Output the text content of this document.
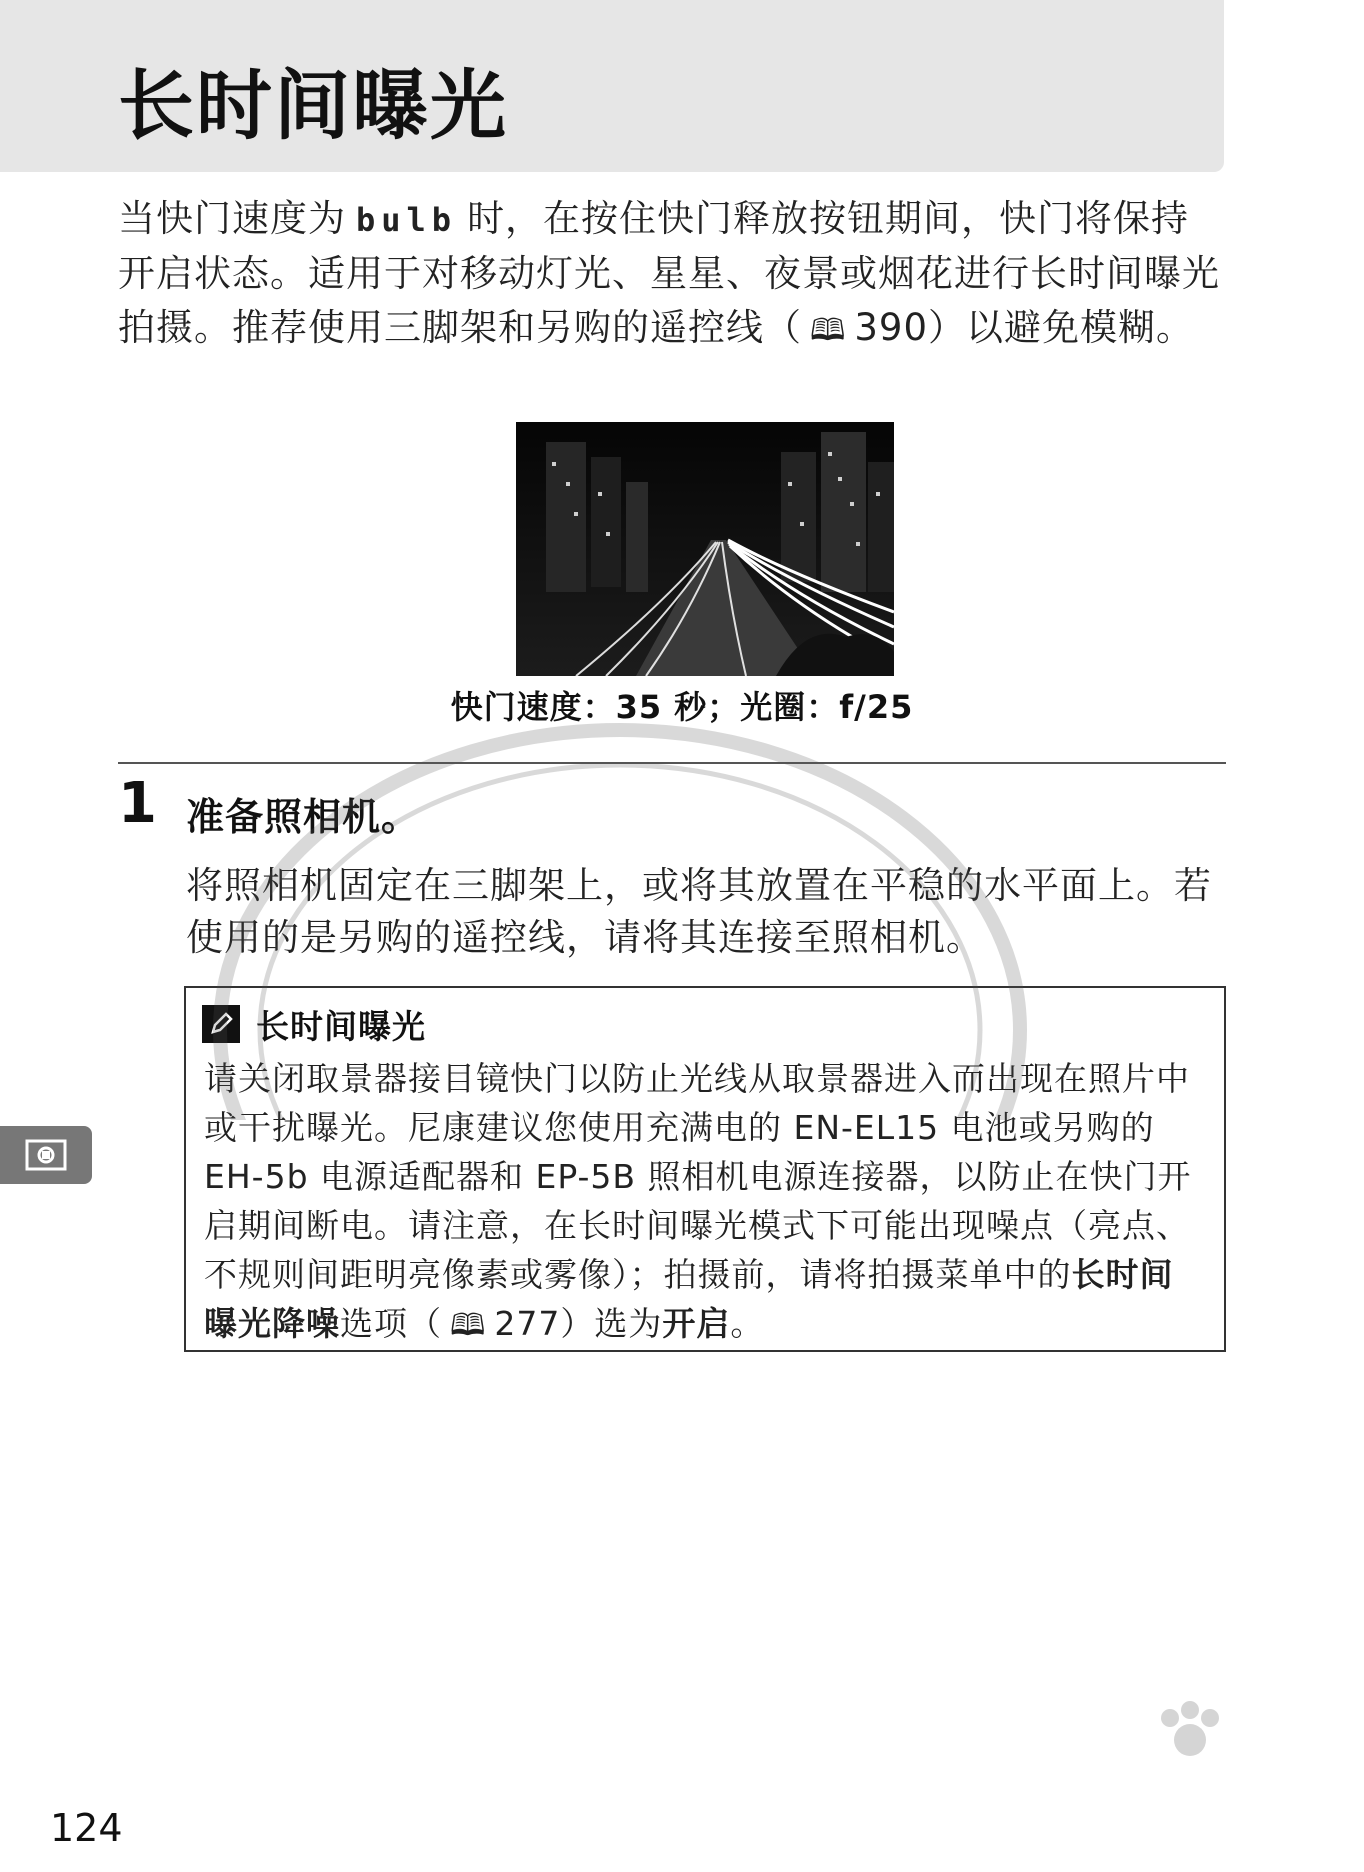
长时间曝光
当快门速度为 bulb 时，在按住快门释放按钮期间，快门将保持开启状态。适用于对移动灯光、星星、夜景或烟花进行长时间曝光拍摄。推荐使用三脚架和另购的遥控线（ 🕮 390）以避免模糊。
快门速度：35 秒；光圈：f/25
1 准备照相机。
将照相机固定在三脚架上，或将其放置在平稳的水平面上。若使用的是另购的遥控线，请将其连接至照相机。
长时间曝光
请关闭取景器接目镜快门以防止光线从取景器进入而出现在照片中或干扰曝光。尼康建议您使用充满电的 EN-EL15 电池或另购的 EH-5b 电源适配器和 EP-5B 照相机电源连接器，以防止在快门开启期间断电。请注意，在长时间曝光模式下可能出现噪点（亮点、不规则间距明亮像素或雾像）；拍摄前，请将拍摄菜单中的长时间曝光降噪选项（ 🕮 277）选为开启。
124
